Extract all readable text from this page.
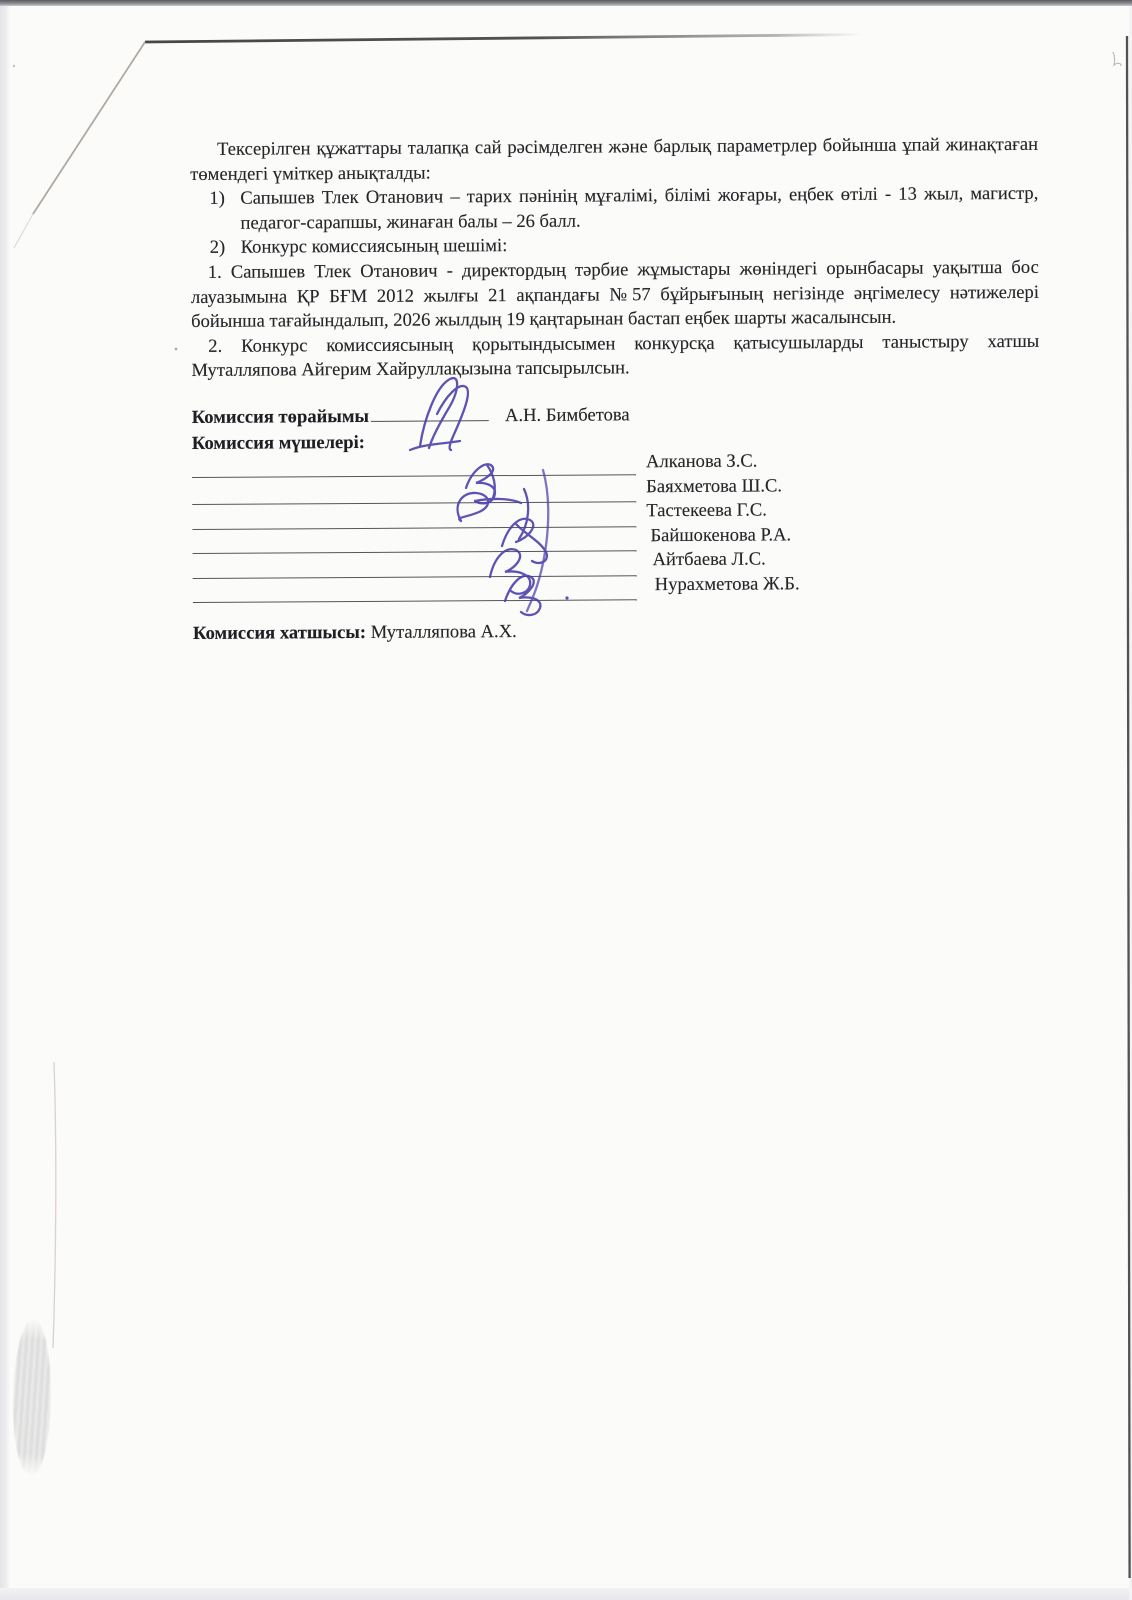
Тексерілген құжаттары талапқа сай рәсімделген және барлық параметрлер бойынша ұпай жинақтаған төмендегі үміткер анықталды:

1) Сапышев Тлек Отанович – тарих пәнінің мұғалімі, білімі жоғары, еңбек өтілі - 13 жыл, магистр, педагог-сарапшы, жинаған балы – 26 балл.

2) Конкурс комиссиясының шешімі:

1. Сапышев Тлек Отанович - директордың тәрбие жұмыстары жөніндегі орынбасары уақытша бос лауазымына ҚР БҒМ 2012 жылғы 21 ақпандағы №57 бұйрығының негізінде әңгімелесу нәтижелері бойынша тағайындалып, 2026 жылдың 19 қаңтарынан бастап еңбек шарты жасалынсын.

2. Конкурс комиссиясының қорытындысымен конкурсқа қатысушыларды таныстыру хатшы Муталляпова Айгерим Хайруллақызына тапсырылсын.

Комиссия төрайымы	А.Н. Бимбетова
Комиссия мүшелері:
Алканова З.С.
Баяхметова Ш.С.
Тастекеева Г.С.
Байшокенова Р.А.
Айтбаева Л.С.
Нурахметова Ж.Б.
Комиссия хатшысы: Муталляпова А.Х.
